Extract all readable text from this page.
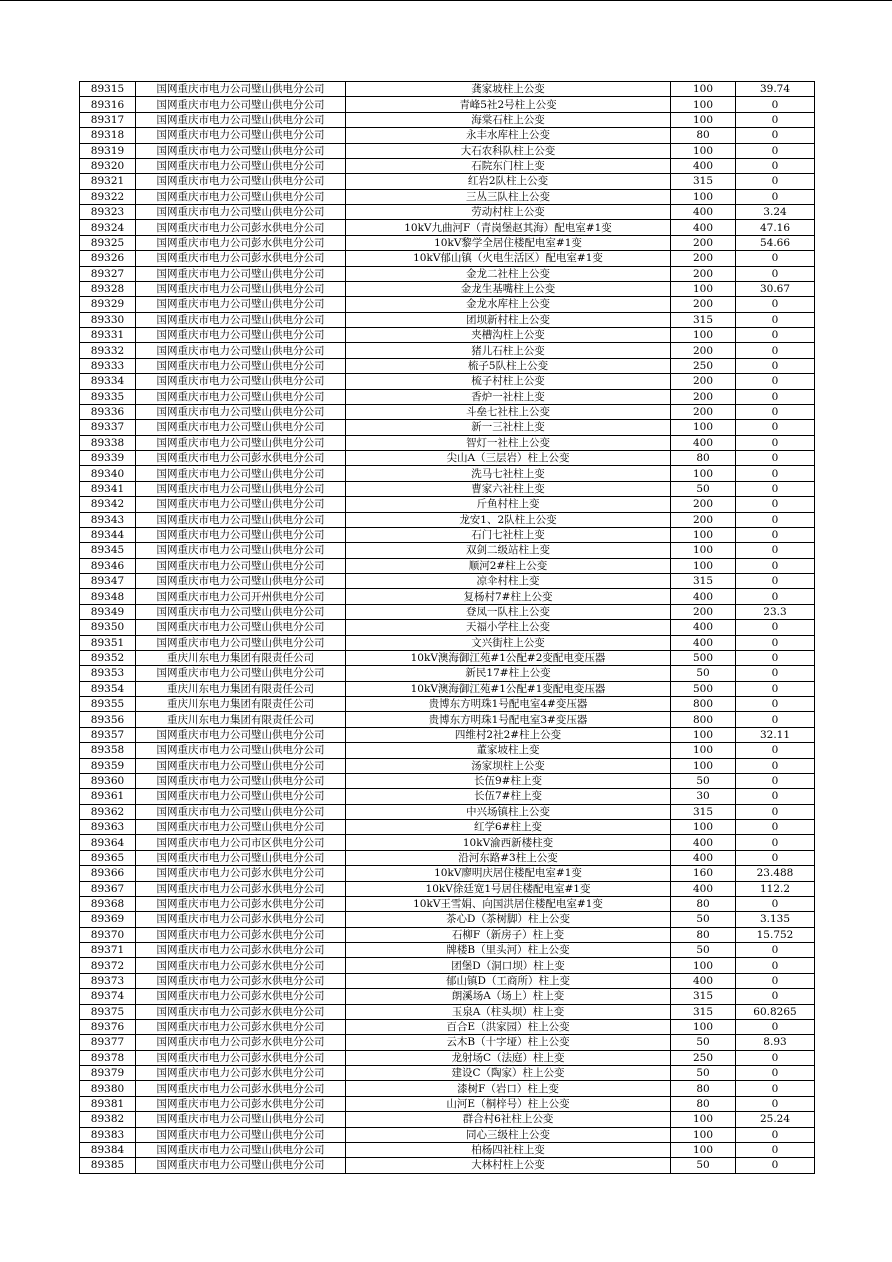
89315	国网重庆市电力公司璧山供电分公司	龚家坡柱上公变	100	39.74
89316	国网重庆市电力公司璧山供电分公司	青峰5社2号柱上公变	100	0
89317	国网重庆市电力公司璧山供电分公司	海棠石柱上公变	100	0
89318	国网重庆市电力公司璧山供电分公司	永丰水库柱上公变	80	0
89319	国网重庆市电力公司璧山供电分公司	大石农科队柱上公变	100	0
89320	国网重庆市电力公司璧山供电分公司	石院东门柱上变	400	0
89321	国网重庆市电力公司璧山供电分公司	红岩2队柱上公变	315	0
89322	国网重庆市电力公司璧山供电分公司	三丛三队柱上公变	100	0
89323	国网重庆市电力公司璧山供电分公司	劳动村柱上公变	400	3.24
89324	国网重庆市电力公司彭水供电分公司	10kV九曲河F（青岗堡赵其海）配电室#1变	400	47.16
89325	国网重庆市电力公司彭水供电分公司	10kV黎学全居住楼配电室#1变	200	54.66
89326	国网重庆市电力公司彭水供电分公司	10kV郁山镇（火电生活区）配电室#1变	200	0
89327	国网重庆市电力公司璧山供电分公司	金龙二社柱上公变	200	0
89328	国网重庆市电力公司璧山供电分公司	金龙生基嘴柱上公变	100	30.67
89329	国网重庆市电力公司璧山供电分公司	金龙水库柱上公变	200	0
89330	国网重庆市电力公司璧山供电分公司	团坝新村柱上公变	315	0
89331	国网重庆市电力公司璧山供电分公司	夹槽沟柱上公变	100	0
89332	国网重庆市电力公司璧山供电分公司	猪儿石柱上公变	200	0
89333	国网重庆市电力公司璧山供电分公司	梳子5队柱上公变	250	0
89334	国网重庆市电力公司璧山供电分公司	梳子村柱上公变	200	0
89335	国网重庆市电力公司璧山供电分公司	香炉一社柱上变	200	0
89336	国网重庆市电力公司璧山供电分公司	斗垒七社柱上公变	200	0
89337	国网重庆市电力公司璧山供电分公司	新一三社柱上变	100	0
89338	国网重庆市电力公司璧山供电分公司	智灯一社柱上公变	400	0
89339	国网重庆市电力公司彭水供电分公司	尖山A（三层岩）柱上公变	80	0
89340	国网重庆市电力公司璧山供电分公司	洗马七社柱上变	100	0
89341	国网重庆市电力公司璧山供电分公司	曹家六社柱上变	50	0
89342	国网重庆市电力公司璧山供电分公司	斤鱼村柱上变	200	0
89343	国网重庆市电力公司璧山供电分公司	龙安1、2队柱上公变	200	0
89344	国网重庆市电力公司璧山供电分公司	石门七社柱上变	100	0
89345	国网重庆市电力公司璧山供电分公司	双剑二级站柱上变	100	0
89346	国网重庆市电力公司璧山供电分公司	顺河2#柱上公变	100	0
89347	国网重庆市电力公司璧山供电分公司	凉伞村柱上变	315	0
89348	国网重庆市电力公司开州供电分公司	复杨村7#柱上公变	400	0
89349	国网重庆市电力公司璧山供电分公司	登凤一队柱上公变	200	23.3
89350	国网重庆市电力公司璧山供电分公司	天福小学柱上公变	400	0
89351	国网重庆市电力公司璧山供电分公司	文兴街柱上公变	400	0
89352	重庆川东电力集团有限责任公司	10kV澳海御江苑#1公配#2变配电变压器	500	0
89353	国网重庆市电力公司璧山供电分公司	新民17#柱上公变	50	0
89354	重庆川东电力集团有限责任公司	10kV澳海御江苑#1公配#1变配电变压器	500	0
89355	重庆川东电力集团有限责任公司	贵博东方明珠1号配电室4#变压器	800	0
89356	重庆川东电力集团有限责任公司	贵博东方明珠1号配电室3#变压器	800	0
89357	国网重庆市电力公司璧山供电分公司	四维村2社2#柱上公变	100	32.11
89358	国网重庆市电力公司璧山供电分公司	董家坡柱上变	100	0
89359	国网重庆市电力公司璧山供电分公司	汤家坝柱上公变	100	0
89360	国网重庆市电力公司璧山供电分公司	长伍9#柱上变	50	0
89361	国网重庆市电力公司璧山供电分公司	长伍7#柱上变	30	0
89362	国网重庆市电力公司璧山供电分公司	中兴场镇柱上公变	315	0
89363	国网重庆市电力公司璧山供电分公司	红学6#柱上变	100	0
89364	国网重庆市电力公司市区供电分公司	10kV渝西新楼柱变	400	0
89365	国网重庆市电力公司璧山供电分公司	沿河东路#3柱上公变	400	0
89366	国网重庆市电力公司彭水供电分公司	10kV廖明庆居住楼配电室#1变	160	23.488
89367	国网重庆市电力公司彭水供电分公司	10kV徐廷宽1号居住楼配电室#1变	400	112.2
89368	国网重庆市电力公司彭水供电分公司	10kV王雪娟、向国洪居住楼配电室#1变	80	0
89369	国网重庆市电力公司彭水供电分公司	茶心D（茶树脚）柱上公变	50	3.135
89370	国网重庆市电力公司彭水供电分公司	石柳F（新房子）柱上变	80	15.752
89371	国网重庆市电力公司彭水供电分公司	牌楼B（里头河）柱上公变	50	0
89372	国网重庆市电力公司彭水供电分公司	团堡D（洞口坝）柱上变	100	0
89373	国网重庆市电力公司彭水供电分公司	郁山镇D（工商所）柱上变	400	0
89374	国网重庆市电力公司彭水供电分公司	朗溪场A（场上）柱上变	315	0
89375	国网重庆市电力公司彭水供电分公司	玉泉A（柱头坝）柱上变	315	60.8265
89376	国网重庆市电力公司彭水供电分公司	百合E（洪家园）柱上公变	100	0
89377	国网重庆市电力公司彭水供电分公司	云木B（十字垭）柱上公变	50	8.93
89378	国网重庆市电力公司彭水供电分公司	龙射场C（法庭）柱上变	250	0
89379	国网重庆市电力公司彭水供电分公司	建设C（陶家）柱上公变	50	0
89380	国网重庆市电力公司彭水供电分公司	漆树F（岩口）柱上变	80	0
89381	国网重庆市电力公司彭水供电分公司	山河E（桐梓号）柱上公变	80	0
89382	国网重庆市电力公司璧山供电分公司	群合村6社柱上公变	100	25.24
89383	国网重庆市电力公司璧山供电分公司	同心三级柱上公变	100	0
89384	国网重庆市电力公司璧山供电分公司	柏杨四社柱上变	100	0
89385	国网重庆市电力公司璧山供电分公司	大林村柱上公变	50	0
